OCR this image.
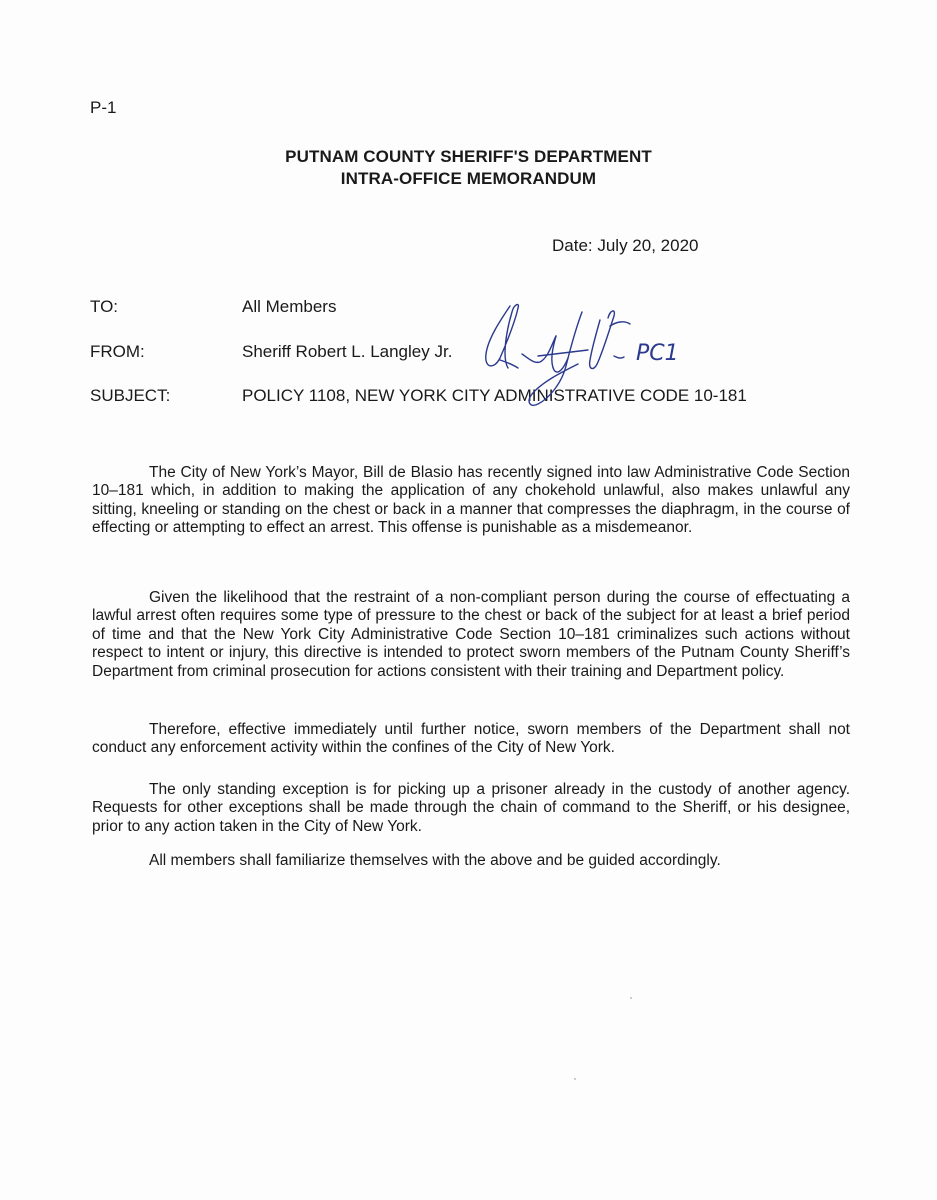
P-1
PUTNAM COUNTY SHERIFF'S DEPARTMENT
INTRA-OFFICE MEMORANDUM
Date: July 20, 2020
TO:	All Members
FROM:	Sheriff Robert L. Langley Jr.
SUBJECT:	POLICY 1108, NEW YORK CITY ADMINISTRATIVE CODE 10-181
PC1

The City of New York’s Mayor, Bill de Blasio has recently signed into law Administrative Code Section 10–181 which, in addition to making the application of any chokehold unlawful, also makes unlawful any sitting, kneeling or standing on the chest or back in a manner that compresses the diaphragm, in the course of effecting or attempting to effect an arrest. This offense is punishable as a misdemeanor.

Given the likelihood that the restraint of a non-compliant person during the course of effectuating a lawful arrest often requires some type of pressure to the chest or back of the subject for at least a brief period of time and that the New York City Administrative Code Section 10–181 criminalizes such actions without respect to intent or injury, this directive is intended to protect sworn members of the Putnam County Sheriff’s Department from criminal prosecution for actions consistent with their training and Department policy.

Therefore, effective immediately until further notice, sworn members of the Department shall not conduct any enforcement activity within the confines of the City of New York.

The only standing exception is for picking up a prisoner already in the custody of another agency. Requests for other exceptions shall be made through the chain of command to the Sheriff, or his designee, prior to any action taken in the City of New York.

All members shall familiarize themselves with the above and be guided accordingly.
